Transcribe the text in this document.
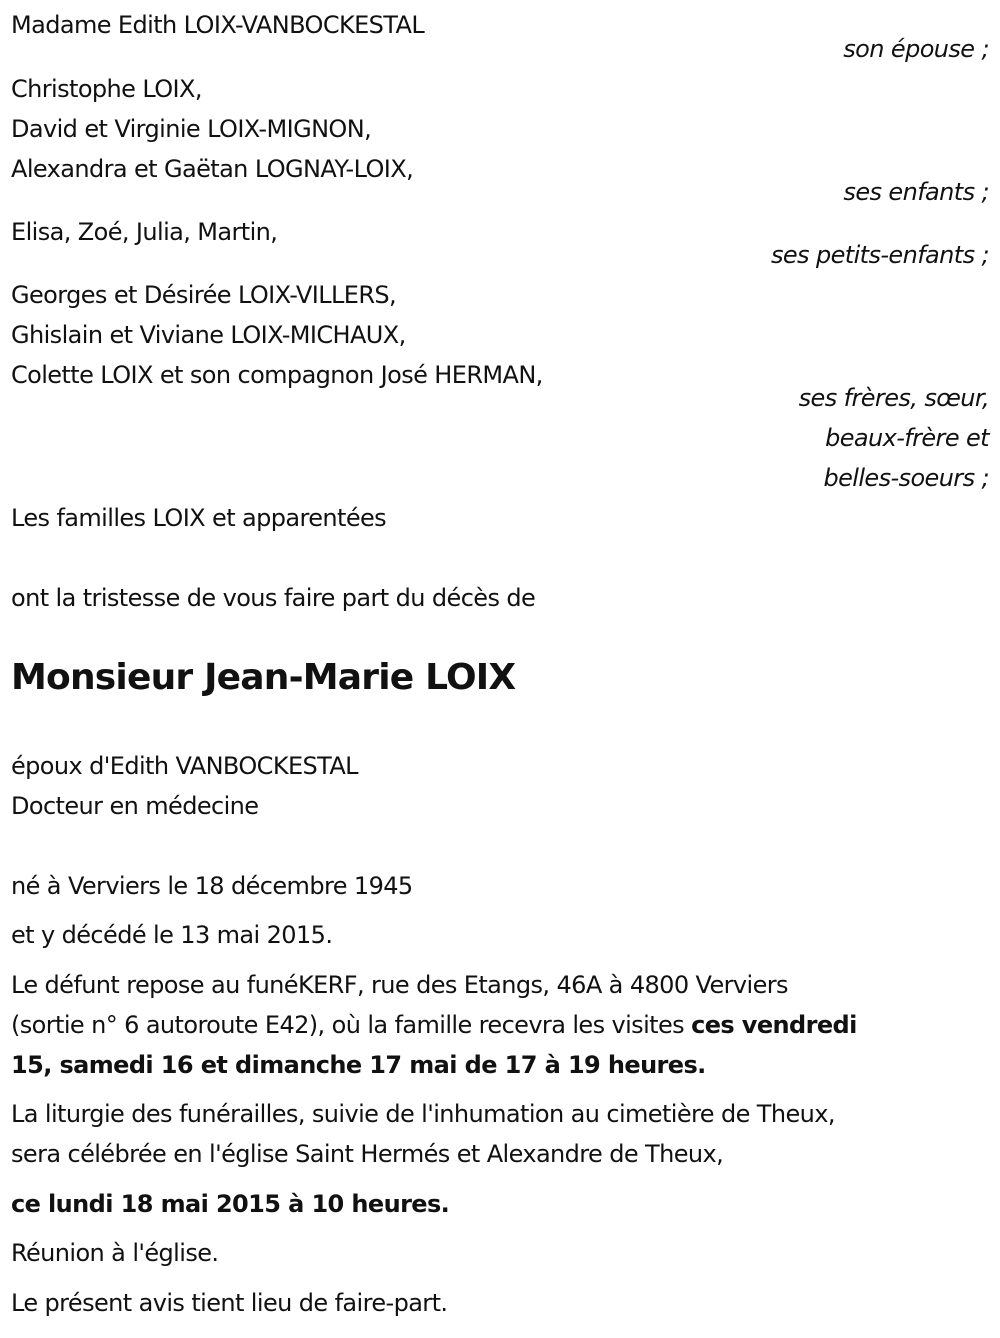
Madame Edith LOIX-VANBOCKESTAL
son épouse ;
Christophe LOIX,
David et Virginie LOIX-MIGNON,
Alexandra et Gaëtan LOGNAY-LOIX,
ses enfants ;
Elisa, Zoé, Julia, Martin,
ses petits-enfants ;
Georges et Désirée LOIX-VILLERS,
Ghislain et Viviane LOIX-MICHAUX,
Colette LOIX et son compagnon José HERMAN,
ses frères, sœur,
beaux-frère et
belles-soeurs ;
Les familles LOIX et apparentées
ont la tristesse de vous faire part du décès de
Monsieur Jean-Marie LOIX
époux d'Edith VANBOCKESTAL
Docteur en médecine
né à Verviers le 18 décembre 1945
et y décédé le 13 mai 2015.
Le défunt repose au funéKERF, rue des Etangs, 46A à 4800 Verviers
(sortie n° 6 autoroute E42), où la famille recevra les visites ces vendredi
15, samedi 16 et dimanche 17 mai de 17 à 19 heures.
La liturgie des funérailles, suivie de l'inhumation au cimetière de Theux,
sera célébrée en l'église Saint Hermés et Alexandre de Theux,
ce lundi 18 mai 2015 à 10 heures.
Réunion à l'église.
Le présent avis tient lieu de faire-part.
